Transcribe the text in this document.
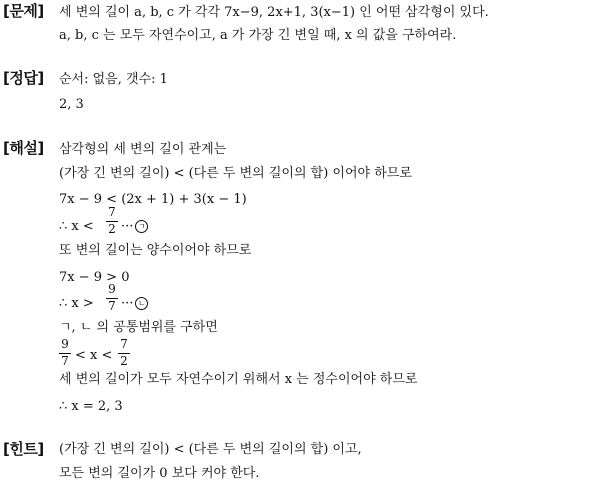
[문제] 세 변의 길이 a, b, c 가 각각 7x−9, 2x+1, 3(x−1) 인 어떤 삼각형이 있다.
a, b, c 는 모두 자연수이고, a 가 가장 긴 변일 때, x 의 값을 구하여라.
[정답] 순서: 없음, 갯수: 1
2, 3
[해설] 삼각형의 세 변의 길이 관계는
(가장 긴 변의 길이) < (다른 두 변의 길이의 합) 이어야 하므로
7x − 9 < (2x + 1) + 3(x − 1)
∴ x <
7
2 ··· ㄱ
또 변의 길이는 양수이어야 하므로
7x − 9 > 0
∴ x >
9
7 ··· ㄴ
ㄱ, ㄴ 의 공통범위를 구하면
9
7 < x <
7
2
세 변의 길이가 모두 자연수이기 위해서 x 는 정수이어야 하므로
∴ x = 2, 3
[힌트] (가장 긴 변의 길이) < (다른 두 변의 길이의 합) 이고,
모든 변의 길이가 0 보다 커야 한다.
